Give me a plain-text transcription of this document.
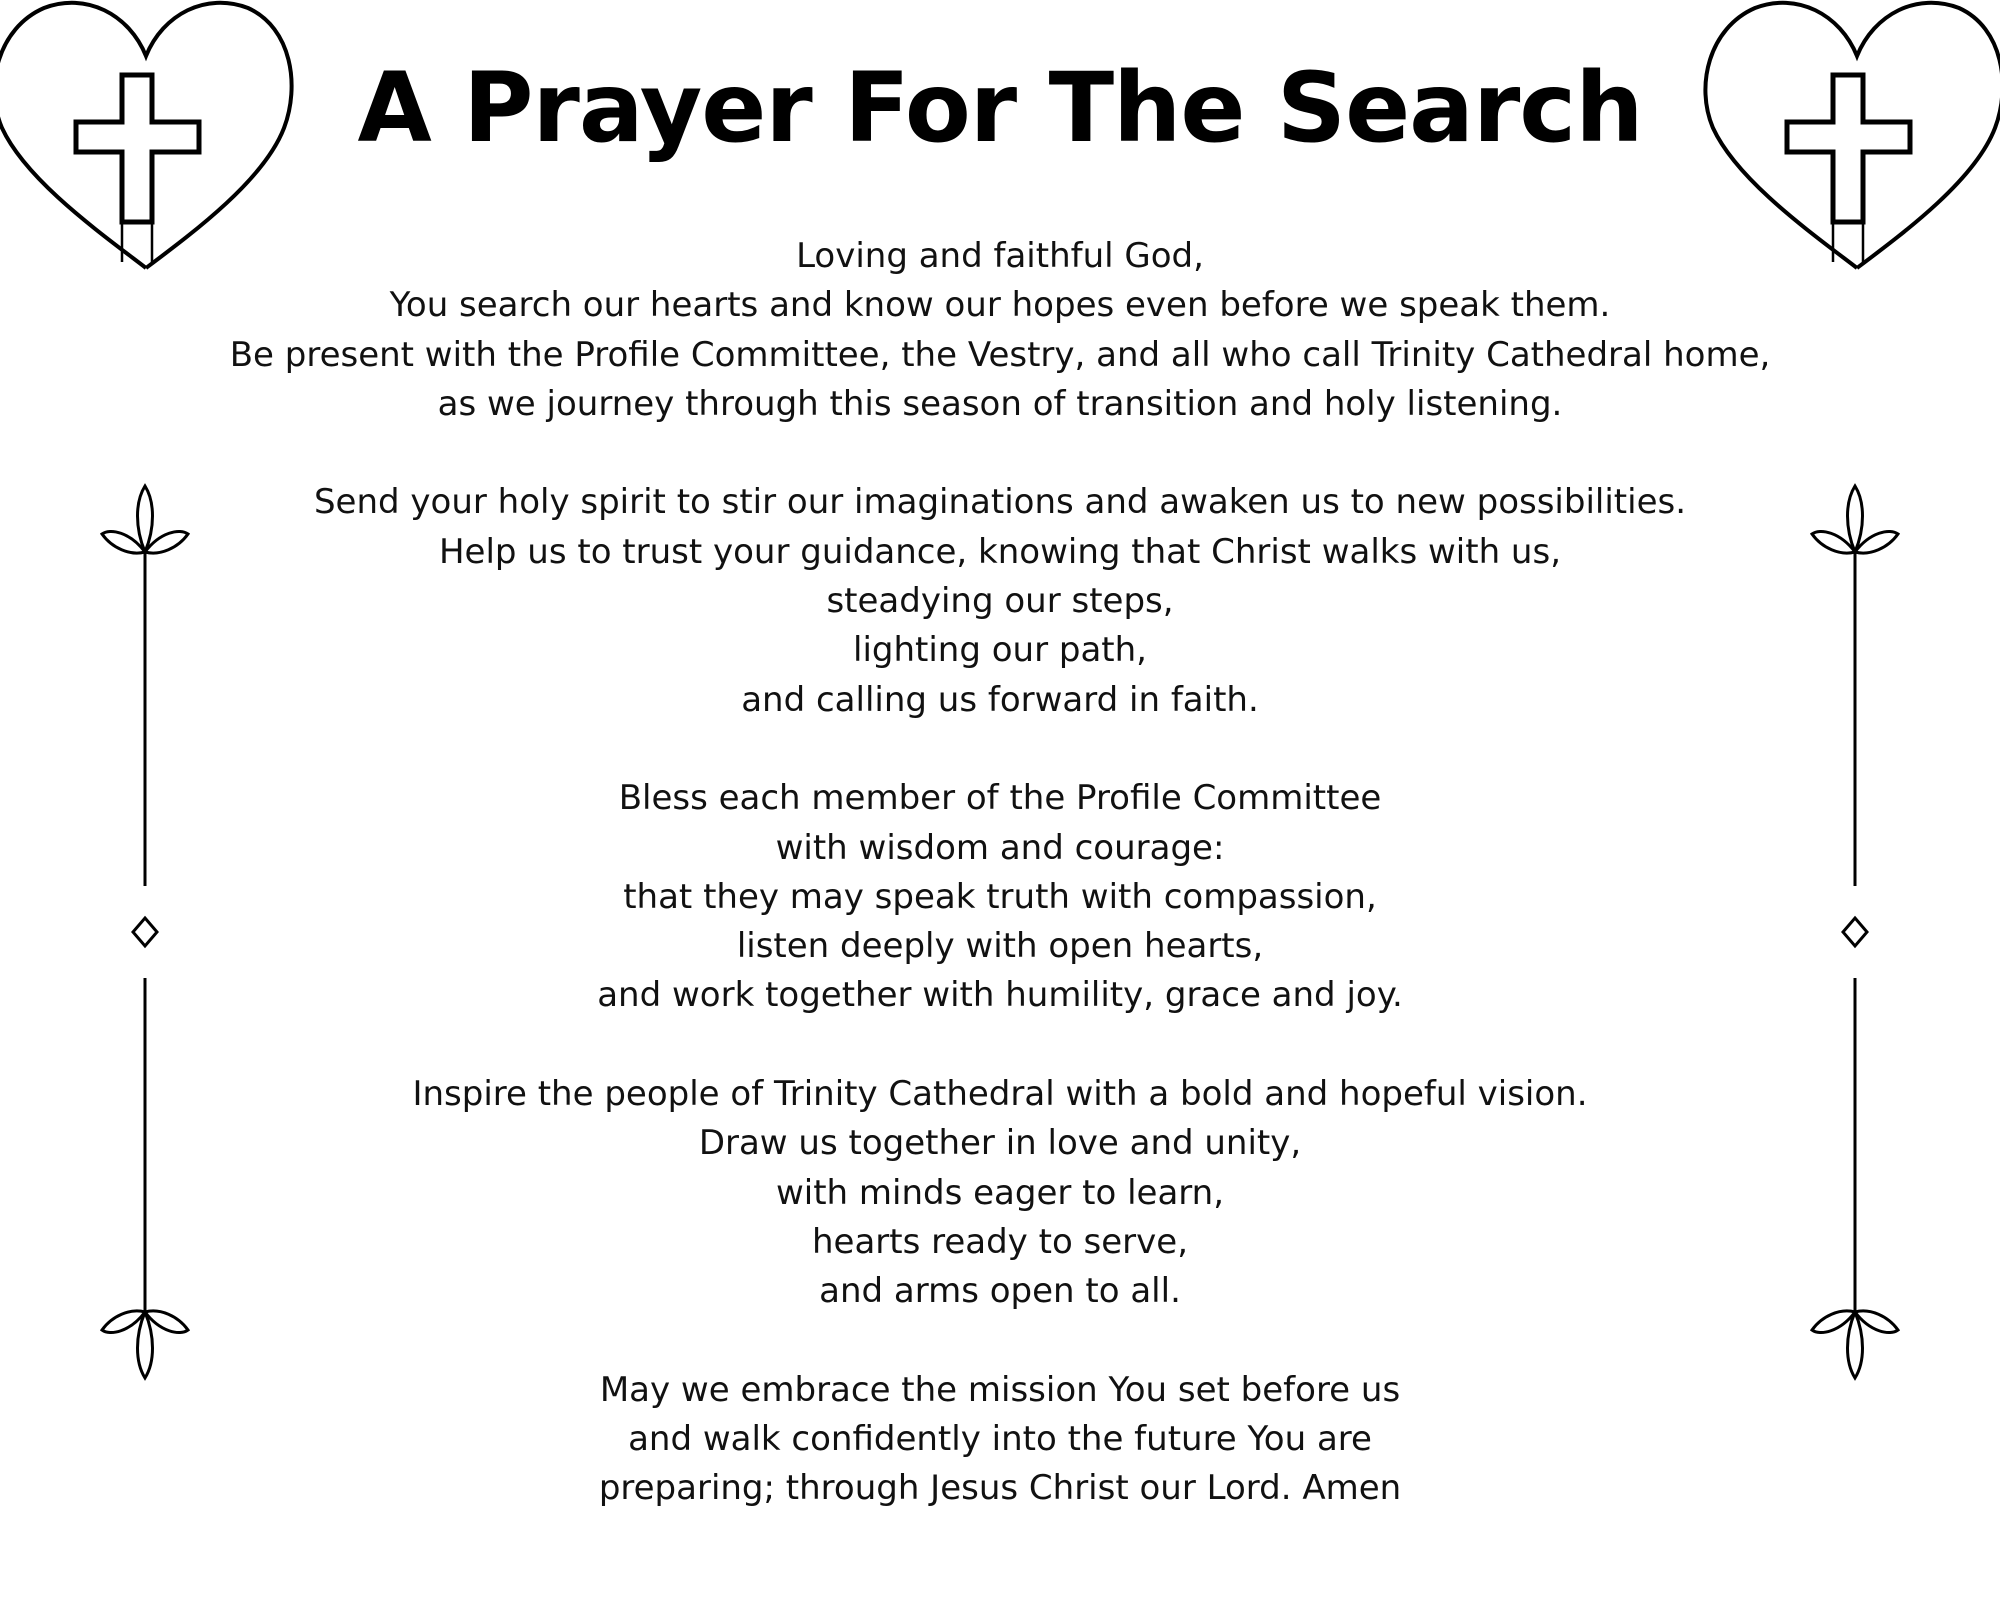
A Prayer For The Search

Loving and faithful God,
You search our hearts and know our hopes even before we speak them.
Be present with the Profile Committee, the Vestry, and all who call Trinity Cathedral home,
as we journey through this season of transition and holy listening.

Send your holy spirit to stir our imaginations and awaken us to new possibilities.
Help us to trust your guidance, knowing that Christ walks with us,
steadying our steps,
lighting our path,
and calling us forward in faith.

Bless each member of the Profile Committee
with wisdom and courage:
that they may speak truth with compassion,
listen deeply with open hearts,
and work together with humility, grace and joy.

Inspire the people of Trinity Cathedral with a bold and hopeful vision.
Draw us together in love and unity,
with minds eager to learn,
hearts ready to serve,
and arms open to all.

May we embrace the mission You set before us
and walk confidently into the future You are
preparing; through Jesus Christ our Lord. Amen
